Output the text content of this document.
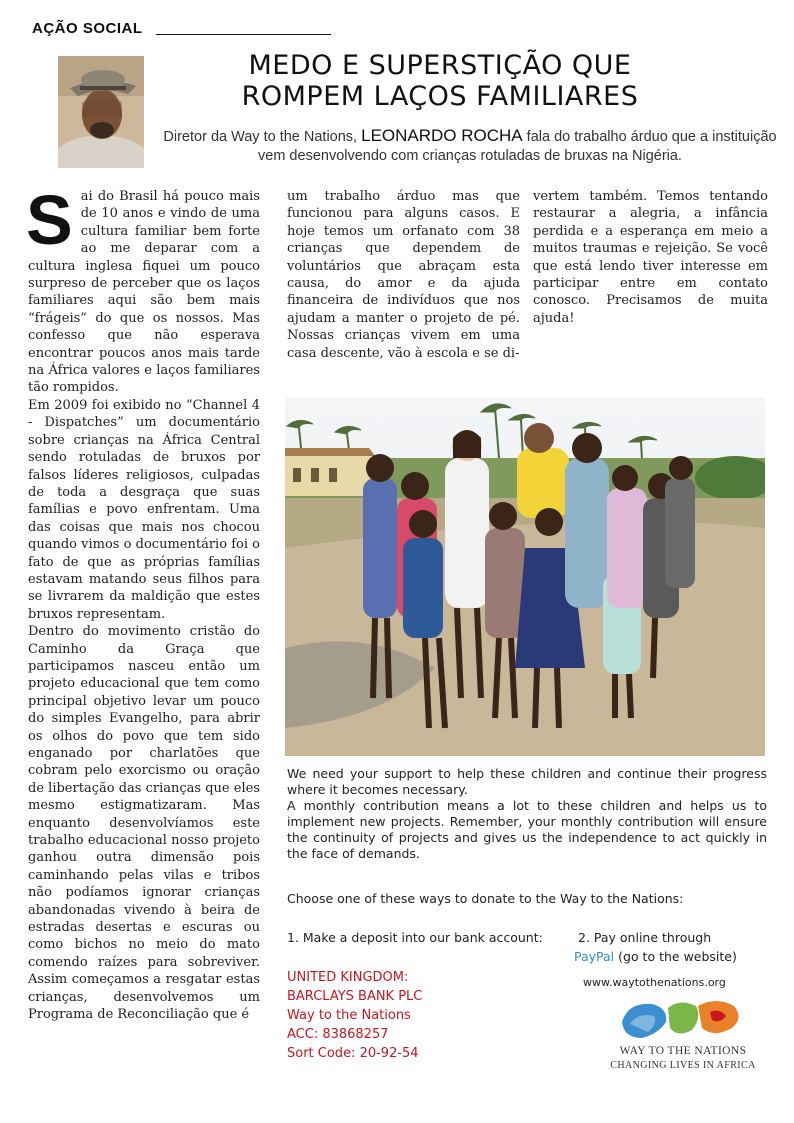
AÇÃO SOCIAL
MEDO E SUPERSTIÇÃO QUE
ROMPEM LAÇOS FAMILIARES
Diretor da Way to the Nations, LEONARDO ROCHA fala do trabalho árduo que a instituição vem desenvolvendo com crianças rotuladas de bruxas na Nigéria.

Sai do Brasil há pouco mais de 10 anos e vindo de uma cultura familiar bem forte ao me deparar com a cultura inglesa fiquei um pouco surpreso de perceber que os laços familiares aqui são bem mais “frágeis” do que os nossos. Mas confesso que não esperava encontrar poucos anos mais tarde na África valores e laços familiares tão rompidos.

Em 2009 foi exibido no “Channel 4 - Dispatches” um documentário sobre crianças na África Central sendo rotuladas de bruxos por falsos líderes religiosos, culpadas de toda a desgraça que suas famílias e povo enfrentam. Uma das coisas que mais nos chocou quando vimos o documentário foi o fato de que as próprias famílias estavam matando seus filhos para se livrarem da maldição que estes bruxos representam.

Dentro do movimento cristão do Caminho da Graça que participamos nasceu então um projeto educacional que tem como principal objetivo levar um pouco do simples Evangelho, para abrir os olhos do povo que tem sido enganado por charlatões que cobram pelo exorcismo ou oração de libertação das crianças que eles mesmo estigmatizaram. Mas enquanto desenvolvíamos este trabalho educacional nosso projeto ganhou outra dimensão pois caminhando pelas vilas e tribos não podíamos ignorar crianças abandonadas vivendo à beira de estradas desertas e escuras ou como bichos no meio do mato comendo raízes para sobreviver. Assim começamos a resgatar estas crianças, desenvolvemos um Programa de Reconciliação que é

um trabalho árduo mas que funcionou para alguns casos. E hoje temos um orfanato com 38 crianças que dependem de voluntários que abraçam esta causa, do amor e da ajuda financeira de indivíduos que nos ajudam a manter o projeto de pé. Nossas crianças vivem em uma casa descente, vão à escola e se di-

vertem também. Temos tentando restaurar a alegria, a infância perdida e a esperança em meio a muitos traumas e rejeição. Se você que está lendo tiver interesse em participar entre em contato conosco. Precisamos de muita ajuda!

We need your support to help these children and continue their progress where it becomes necessary.

A monthly contribution means a lot to these children and helps us to implement new projects. Remember, your monthly contribution will ensure the continuity of projects and gives us the independence to act quickly in the face of demands.

Choose one of these ways to donate to the Way to the Nations:
1. Make a deposit into our bank account:	2. Pay online through
PayPal (go to the website)
UNITED KINGDOM:
BARCLAYS BANK PLC
Way to the Nations
ACC: 83868257
Sort Code: 20-92-54
www.waytothenations.org
WAY TO THE NATIONS
CHANGING LIVES IN AFRICA
